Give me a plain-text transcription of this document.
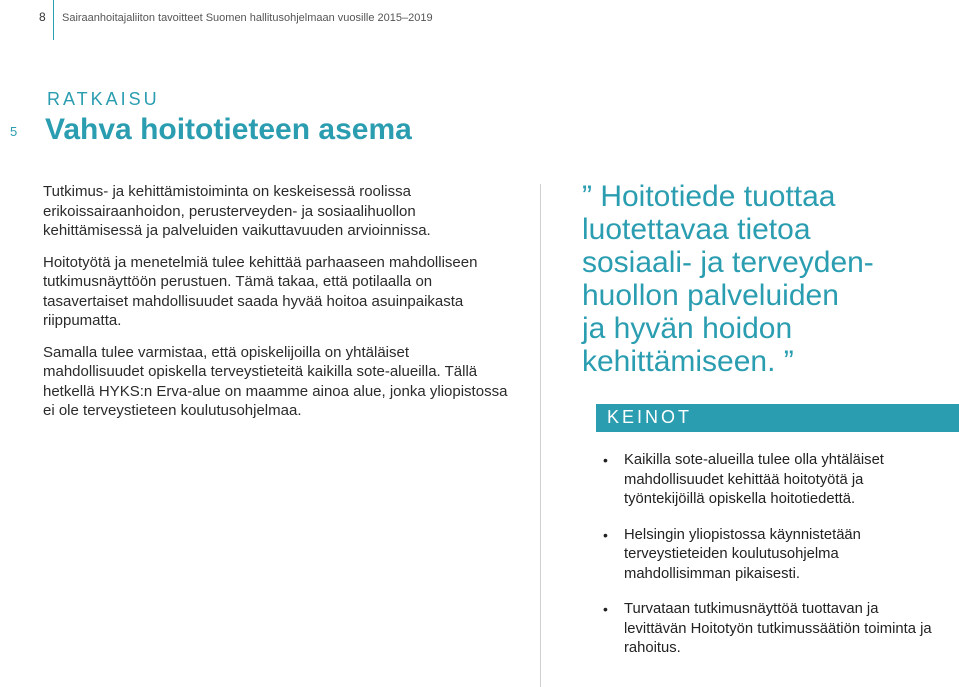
8 Sairaanhoitajaliiton tavoitteet Suomen hallitusohjelmaan vuosille 2015–2019
5
RATKAISU
Vahva hoitotieteen asema

Tutkimus- ja kehittämistoiminta on keskeisessä roolissa erikoissairaanhoidon, perusterveyden- ja sosiaalihuollon kehittämisessä ja palveluiden vaikuttavuuden arvioinnissa.

Hoitotyötä ja menetelmiä tulee kehittää parhaaseen mahdolliseen tutkimusnäyttöön perustuen. Tämä takaa, että potilaalla on tasavertaiset mahdollisuudet saada hyvää hoitoa asuinpaikasta riippumatta.

Samalla tulee varmistaa, että opiskelijoilla on yhtäläiset mahdollisuudet opiskella terveystieteitä kaikilla sote-alueilla. Tällä hetkellä HYKS:n Erva-alue on maamme ainoa alue, jonka yliopistossa ei ole terveystieteen koulutusohjelmaa.

” Hoitotiede tuottaa
luotettavaa tietoa
sosiaali- ja terveyden-
huollon palveluiden
ja hyvän hoidon
kehittämiseen. ”
KEINOT
• Kaikilla sote-alueilla tulee olla yhtäläiset mahdollisuudet kehittää hoitotyötä ja työntekijöillä opiskella hoitotiedettä.
• Helsingin yliopistossa käynnistetään terveystieteiden koulutusohjelma mahdollisimman pikaisesti.
• Turvataan tutkimusnäyttöä tuottavan ja levittävän Hoitotyön tutkimussäätiön toiminta ja rahoitus.
